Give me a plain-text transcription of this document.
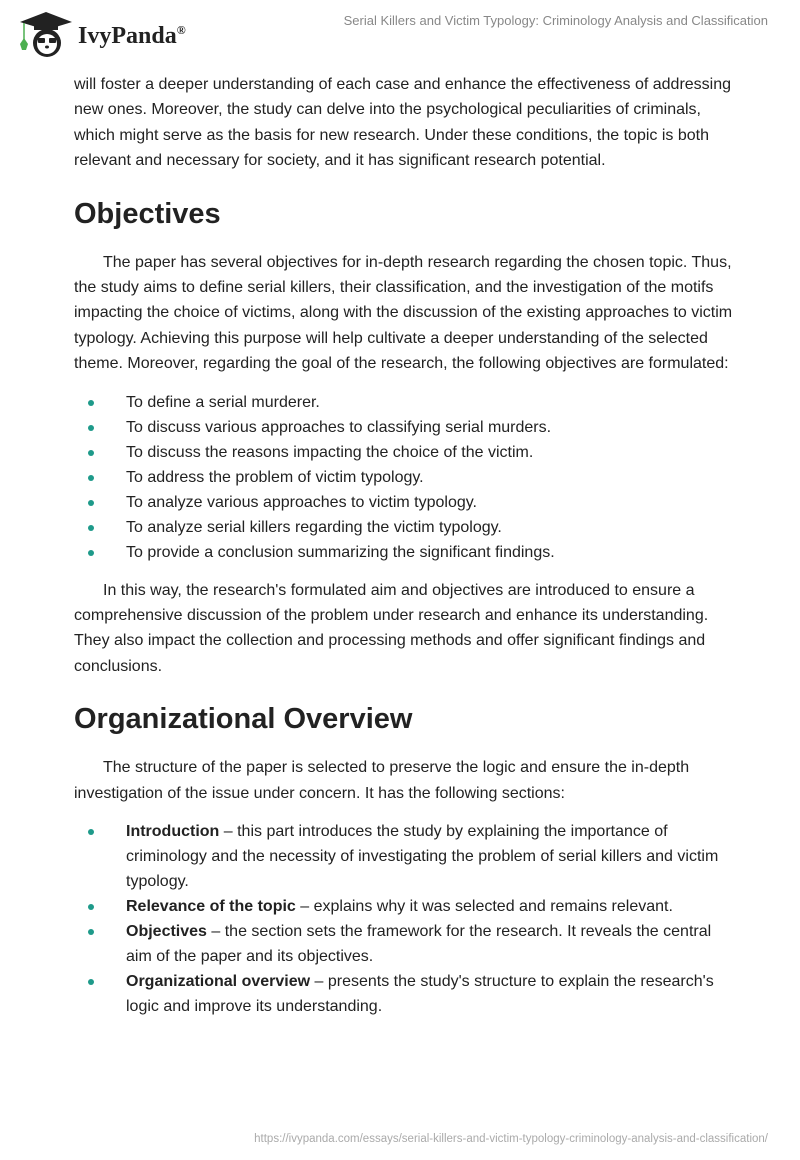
IvyPanda®
Serial Killers and Victim Typology: Criminology Analysis and Classification

will foster a deeper understanding of each case and enhance the effectiveness of addressing new ones. Moreover, the study can delve into the psychological peculiarities of criminals, which might serve as the basis for new research. Under these conditions, the topic is both relevant and necessary for society, and it has significant research potential.

Objectives

The paper has several objectives for in-depth research regarding the chosen topic. Thus, the study aims to define serial killers, their classification, and the investigation of the motifs impacting the choice of victims, along with the discussion of the existing approaches to victim typology. Achieving this purpose will help cultivate a deeper understanding of the selected theme. Moreover, regarding the goal of the research, the following objectives are formulated:

To define a serial murderer.
To discuss various approaches to classifying serial murders.
To discuss the reasons impacting the choice of the victim.
To address the problem of victim typology.
To analyze various approaches to victim typology.
To analyze serial killers regarding the victim typology.
To provide a conclusion summarizing the significant findings.

In this way, the research's formulated aim and objectives are introduced to ensure a comprehensive discussion of the problem under research and enhance its understanding. They also impact the collection and processing methods and offer significant findings and conclusions.

Organizational Overview

The structure of the paper is selected to preserve the logic and ensure the in-depth investigation of the issue under concern. It has the following sections:

Introduction – this part introduces the study by explaining the importance of criminology and the necessity of investigating the problem of serial killers and victim typology.
Relevance of the topic – explains why it was selected and remains relevant.
Objectives – the section sets the framework for the research. It reveals the central aim of the paper and its objectives.
Organizational overview – presents the study's structure to explain the research's logic and improve its understanding.
https://ivypanda.com/essays/serial-killers-and-victim-typology-criminology-analysis-and-classification/
